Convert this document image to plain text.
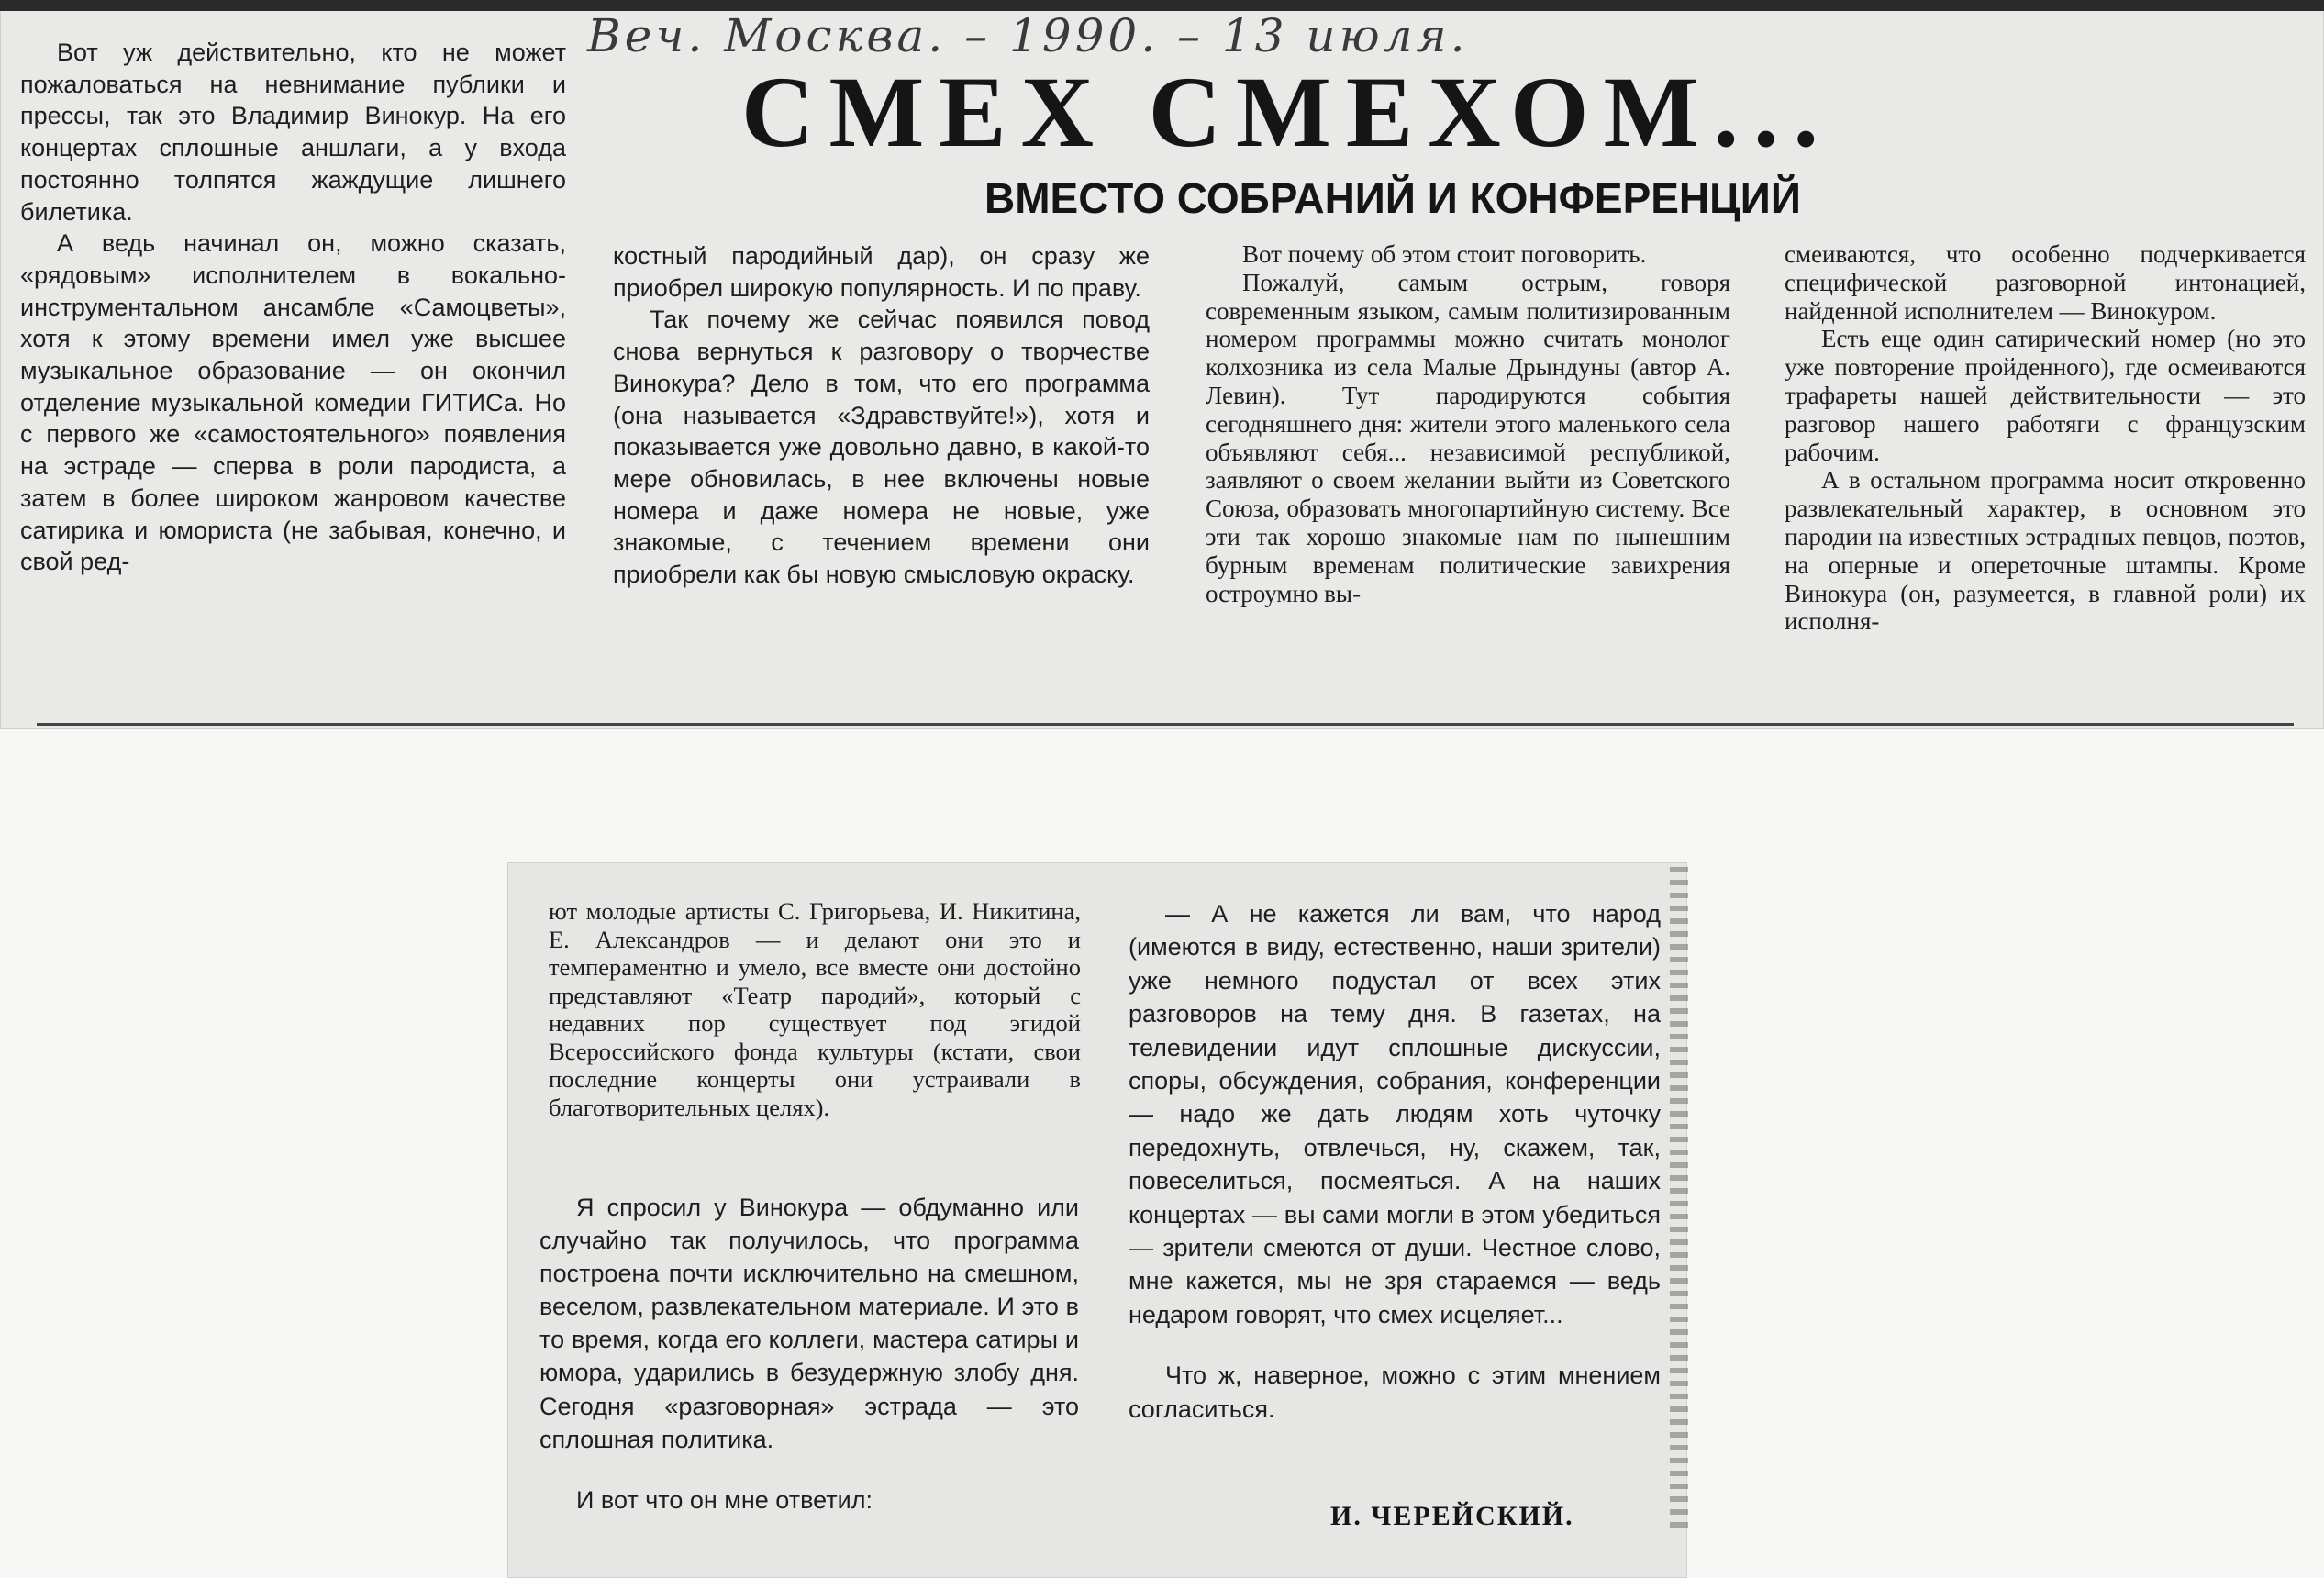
Веч. Москва. – 1990. – 13 июля.
СМЕХ СМЕХОМ...
ВМЕСТО СОБРАНИЙ И КОНФЕРЕНЦИЙ

Вот уж действительно, кто не может пожаловаться на невнимание публики и прессы, так это Владимир Винокур. На его концертах сплошные аншлаги, а у входа постоянно толпятся жаждущие лишнего билетика.

А ведь начинал он, можно сказать, «рядовым» исполнителем в вокально-инструментальном ансамбле «Самоцветы», хотя к этому времени имел уже высшее музыкальное образование — он окончил отделение музыкальной комедии ГИТИСа. Но с первого же «самостоятельного» появления на эстраде — сперва в роли пародиста, а затем в более широком жанровом качестве сатирика и юмориста (не забывая, конечно, и свой ред-

костный пародийный дар), он сразу же приобрел широкую популярность. И по праву.

Так почему же сейчас появился повод снова вернуться к разговору о творчестве Винокура? Дело в том, что его программа (она называется «Здравствуйте!»), хотя и показывается уже довольно давно, в какой-то мере обновилась, в нее включены новые номера и даже номера не новые, уже знакомые, с течением времени они приобрели как бы новую смысловую окраску.

Вот почему об этом стоит поговорить.

Пожалуй, самым острым, говоря современным языком, самым политизированным номером программы можно считать монолог колхозника из села Малые Дрындуны (автор А. Левин). Тут пародируются события сегодняшнего дня: жители этого маленького села объявляют себя... независимой республикой, заявляют о своем желании выйти из Советского Союза, образовать многопартийную систему. Все эти так хорошо знакомые нам по нынешним бурным временам политические завихрения остроумно вы-

смеиваются, что особенно подчеркивается специфической разговорной интонацией, найденной исполнителем — Винокуром.

Есть еще один сатирический номер (но это уже повторение пройденного), где осмеиваются трафареты нашей действительности — это разговор нашего работяги с французским рабочим.

А в остальном программа носит откровенно развлекательный характер, в основном это пародии на известных эстрадных певцов, поэтов, на оперные и опереточные штампы. Кроме Винокура (он, разумеется, в главной роли) их исполня-

ют молодые артисты С. Григорьева, И. Никитина, Е. Александров — и делают они это и темпераментно и умело, все вместе они достойно представляют «Театр пародий», который с недавних пор существует под эгидой Всероссийского фонда культуры (кстати, свои последние концерты они устраивали в благотворительных целях).

Я спросил у Винокура — обдуманно или случайно так получилось, что программа построена почти исключительно на смешном, веселом, развлекательном материале. И это в то время, когда его коллеги, мастера сатиры и юмора, ударились в безудержную злобу дня. Сегодня «разговорная» эстрада — это сплошная политика.

И вот что он мне ответил:

— А не кажется ли вам, что народ (имеются в виду, естественно, наши зрители) уже немного подустал от всех этих разговоров на тему дня. В газетах, на телевидении идут сплошные дискуссии, споры, обсуждения, собрания, конференции — надо же дать людям хоть чуточку передохнуть, отвлечься, ну, скажем, так, повеселиться, посмеяться. А на наших концертах — вы сами могли в этом убедиться — зрители смеются от души. Честное слово, мне кажется, мы не зря стараемся — ведь недаром говорят, что смех исцеляет...

Что ж, наверное, можно с этим мнением согласиться.

И. ЧЕРЕЙСКИЙ.
